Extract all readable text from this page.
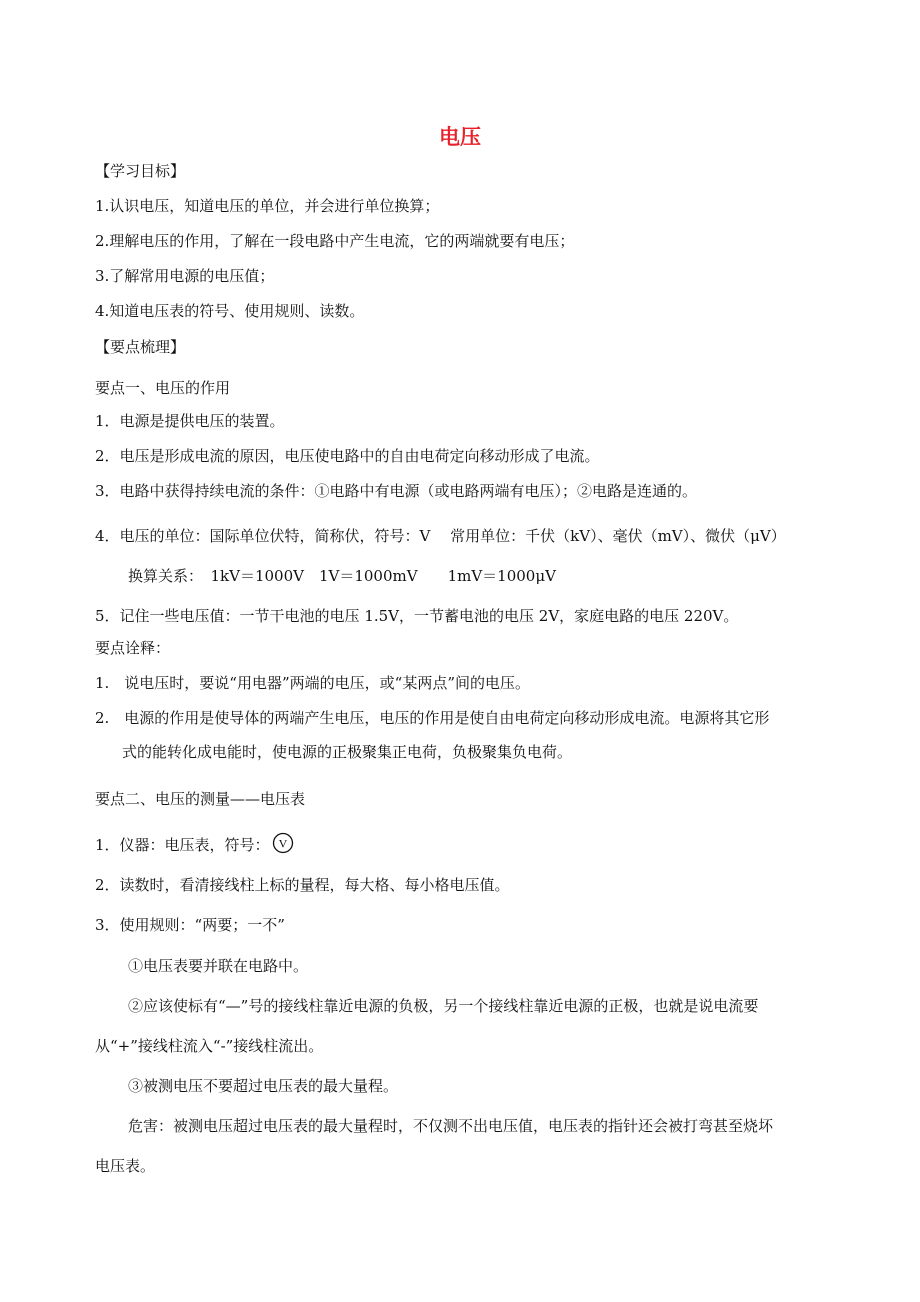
电压
【学习目标】
1.认识电压，知道电压的单位，并会进行单位换算；
2.理解电压的作用，了解在一段电路中产生电流，它的两端就要有电压；
3.了解常用电源的电压值；
4.知道电压表的符号、使用规则、读数。
【要点梳理】
要点一、电压的作用
1．电源是提供电压的装置。
2．电压是形成电流的原因，电压使电路中的自由电荷定向移动形成了电流。
3．电路中获得持续电流的条件：①电路中有电源（或电路两端有电压）；②电路是连通的。
4．电压的单位：国际单位伏特，简称伏，符号：V　 常用单位：千伏（kV）、毫伏（mV）、微伏（μV）
换算关系：　1kV＝1000V　1V＝1000mV　　1mV＝1000μV
5．记住一些电压值：一节干电池的电压 1.5V，一节蓄电池的电压 2V，家庭电路的电压 220V。
要点诠释：
1.　说电压时，要说“用电器”两端的电压，或“某两点”间的电压。
2.　电源的作用是使导体的两端产生电压，电压的作用是使自由电荷定向移动形成电流。电源将其它形
式的能转化成电能时，使电源的正极聚集正电荷，负极聚集负电荷。
要点二、电压的测量——电压表
1．仪器：电压表，符号： V
2．读数时，看清接线柱上标的量程，每大格、每小格电压值。
3．使用规则：“两要；一不”
①电压表要并联在电路中。
②应该使标有“—”号的接线柱靠近电源的负极，另一个接线柱靠近电源的正极，也就是说电流要
从“+”接线柱流入“-”接线柱流出。
③被测电压不要超过电压表的最大量程。
危害：被测电压超过电压表的最大量程时，不仅测不出电压值，电压表的指针还会被打弯甚至烧坏
电压表。
